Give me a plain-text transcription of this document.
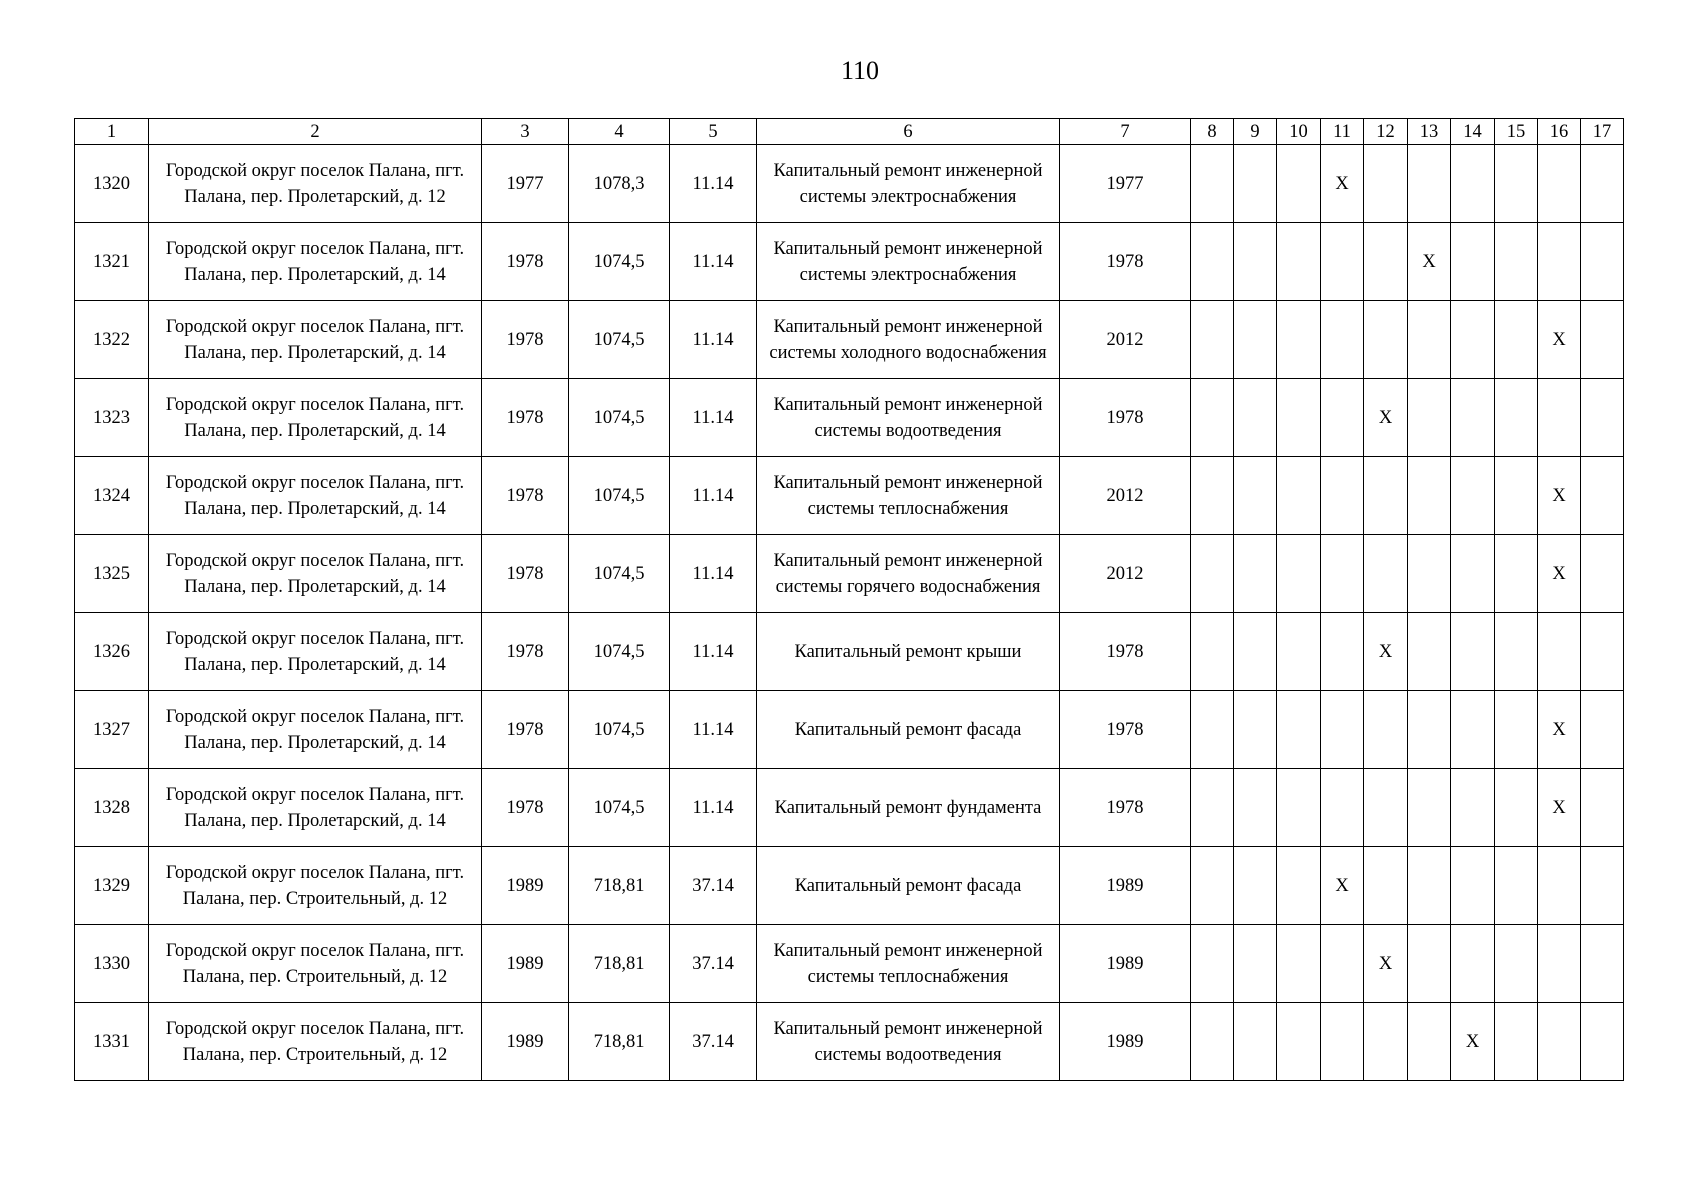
110
1	2	3	4	5	6	7	8	9	10	11	12	13	14	15	16	17
1320	Городской округ поселок Палана, пгт. Палана, пер. Пролетарский, д. 12	1977	1078,3	11.14	Капитальный ремонт инженерной системы электроснабжения	1977				X						
1321	Городской округ поселок Палана, пгт. Палана, пер. Пролетарский, д. 14	1978	1074,5	11.14	Капитальный ремонт инженерной системы электроснабжения	1978						X				
1322	Городской округ поселок Палана, пгт. Палана, пер. Пролетарский, д. 14	1978	1074,5	11.14	Капитальный ремонт инженерной системы холодного водоснабжения	2012									X	
1323	Городской округ поселок Палана, пгт. Палана, пер. Пролетарский, д. 14	1978	1074,5	11.14	Капитальный ремонт инженерной системы водоотведения	1978					X					
1324	Городской округ поселок Палана, пгт. Палана, пер. Пролетарский, д. 14	1978	1074,5	11.14	Капитальный ремонт инженерной системы теплоснабжения	2012									X	
1325	Городской округ поселок Палана, пгт. Палана, пер. Пролетарский, д. 14	1978	1074,5	11.14	Капитальный ремонт инженерной системы горячего водоснабжения	2012									X	
1326	Городской округ поселок Палана, пгт. Палана, пер. Пролетарский, д. 14	1978	1074,5	11.14	Капитальный ремонт крыши	1978					X					
1327	Городской округ поселок Палана, пгт. Палана, пер. Пролетарский, д. 14	1978	1074,5	11.14	Капитальный ремонт фасада	1978									X	
1328	Городской округ поселок Палана, пгт. Палана, пер. Пролетарский, д. 14	1978	1074,5	11.14	Капитальный ремонт фундамента	1978									X	
1329	Городской округ поселок Палана, пгт. Палана, пер. Строительный, д. 12	1989	718,81	37.14	Капитальный ремонт фасада	1989				X						
1330	Городской округ поселок Палана, пгт. Палана, пер. Строительный, д. 12	1989	718,81	37.14	Капитальный ремонт инженерной системы теплоснабжения	1989					X					
1331	Городской округ поселок Палана, пгт. Палана, пер. Строительный, д. 12	1989	718,81	37.14	Капитальный ремонт инженерной системы водоотведения	1989							X			
